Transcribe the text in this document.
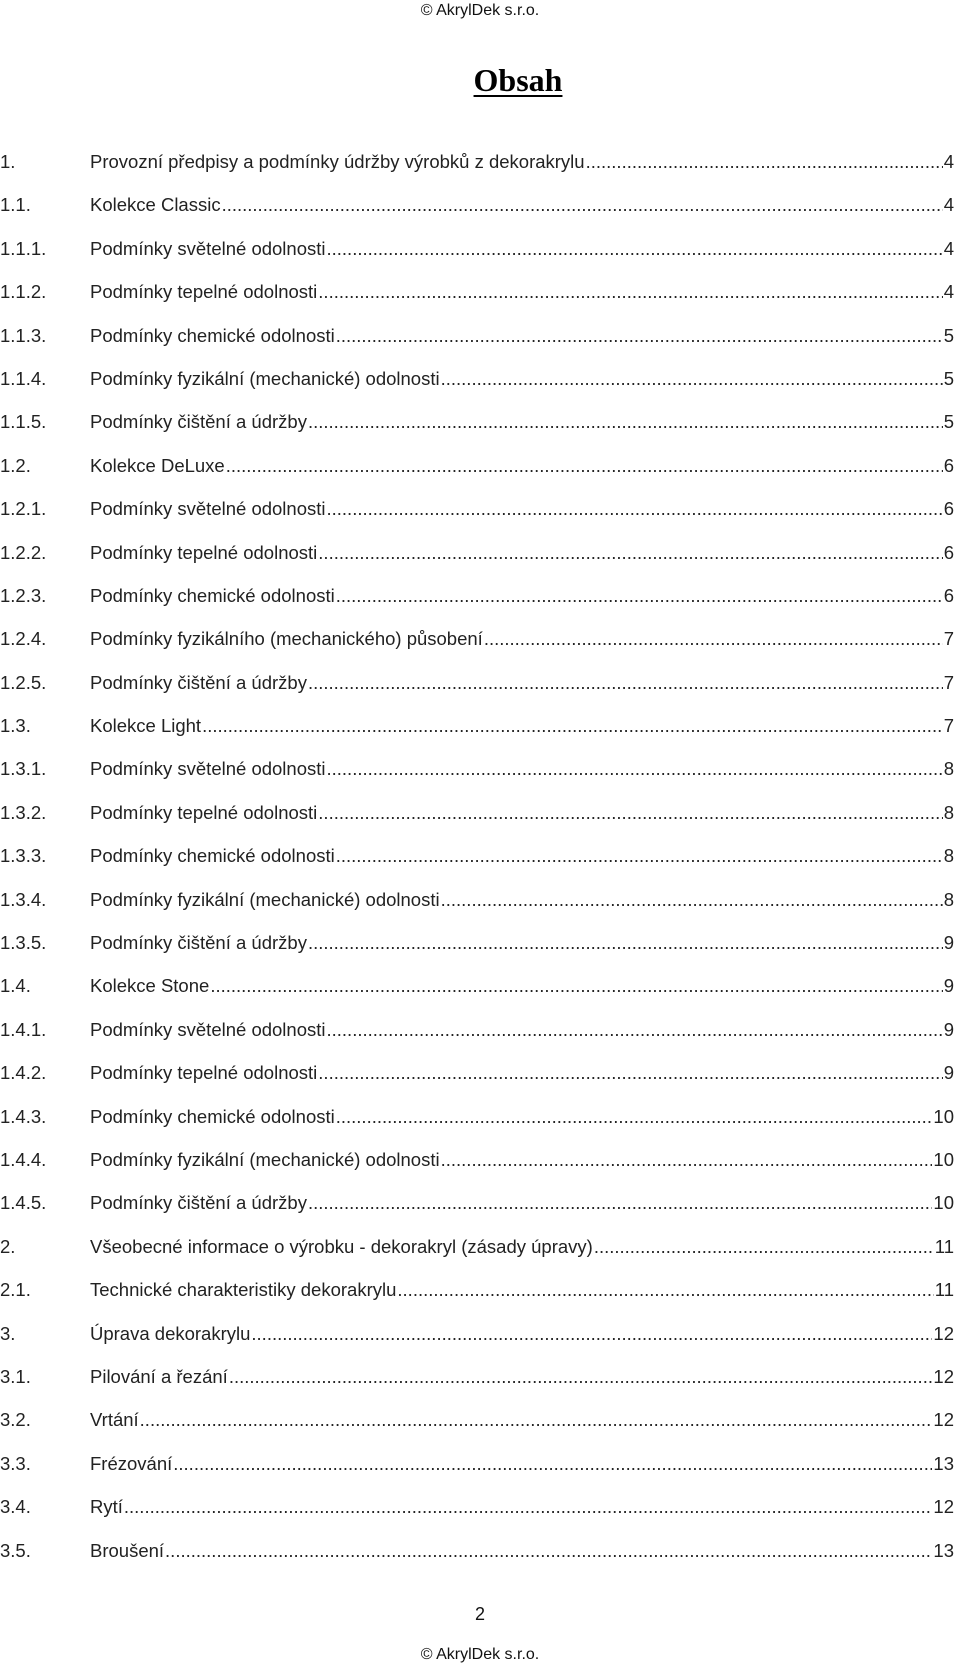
© AkrylDek s.r.o.
Obsah
1.	Provozní předpisy a podmínky údržby výrobků z dekorakrylu .....	4
1.1.	Kolekce Classic .....	4
1.1.1.	Podmínky světelné odolnosti .....	4
1.1.2.	Podmínky tepelné odolnosti .....	4
1.1.3.	Podmínky chemické odolnosti .....	5
1.1.4.	Podmínky fyzikální (mechanické) odolnosti .....	5
1.1.5.	Podmínky čištění a údržby .....	5
1.2.	Kolekce DeLuxe .....	6
1.2.1.	Podmínky světelné odolnosti .....	6
1.2.2.	Podmínky tepelné odolnosti .....	6
1.2.3.	Podmínky chemické odolnosti .....	6
1.2.4.	Podmínky fyzikálního (mechanického) působení .....	7
1.2.5.	Podmínky čištění a údržby .....	7
1.3.	Kolekce Light .....	7
1.3.1.	Podmínky světelné odolnosti .....	8
1.3.2.	Podmínky tepelné odolnosti .....	8
1.3.3.	Podmínky chemické odolnosti .....	8
1.3.4.	Podmínky fyzikální (mechanické) odolnosti .....	8
1.3.5.	Podmínky čištění a údržby .....	9
1.4.	Kolekce Stone .....	9
1.4.1.	Podmínky světelné odolnosti .....	9
1.4.2.	Podmínky tepelné odolnosti .....	9
1.4.3.	Podmínky chemické odolnosti .....	10
1.4.4.	Podmínky fyzikální (mechanické) odolnosti .....	10
1.4.5.	Podmínky čištění a údržby .....	10
2.	Všeobecné informace o výrobku - dekorakryl (zásady úpravy) .....	11
2.1.	Technické charakteristiky dekorakrylu .....	11
3.	Úprava dekorakrylu .....	12
3.1.	Pilování a řezání .....	12
3.2.	Vrtání .....	12
3.3.	Frézování .....	13
3.4.	Rytí .....	12
3.5.	Broušení .....	13
2
© AkrylDek s.r.o.
